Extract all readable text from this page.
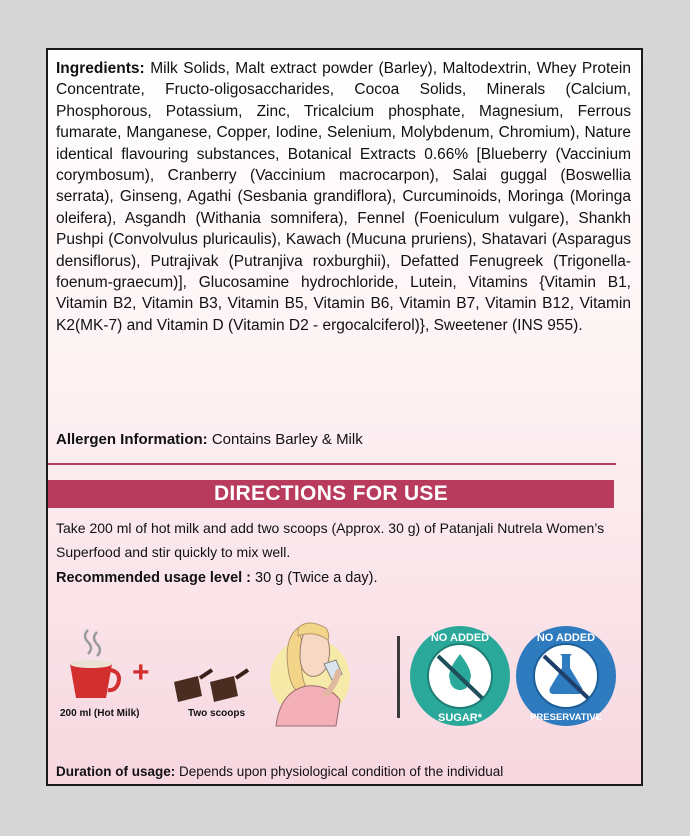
Ingredients: Milk Solids, Malt extract powder (Barley), Maltodextrin, Whey Protein Concentrate, Fructo-oligosaccharides, Cocoa Solids, Minerals (Calcium, Phosphorous, Potassium, Zinc, Tricalcium phosphate, Magnesium, Ferrous fumarate, Manganese, Copper, Iodine, Selenium, Molybdenum, Chromium), Nature identical flavouring substances, Botanical Extracts 0.66% [Blueberry (Vaccinium corymbosum), Cranberry (Vaccinium macrocarpon), Salai guggal (Boswellia serrata), Ginseng, Agathi (Sesbania grandiflora), Curcuminoids, Moringa (Moringa oleifera), Asgandh (Withania somnifera), Fennel (Foeniculum vulgare), Shankh Pushpi (Convolvulus pluricaulis), Kawach (Mucuna pruriens), Shatavari (Asparagus densiflorus), Putrajivak (Putranjiva roxburghii), Defatted Fenugreek (Trigonella-foenum-graecum)], Glucosamine hydrochloride, Lutein, Vitamins {Vitamin B1, Vitamin B2, Vitamin B3, Vitamin B5, Vitamin B6, Vitamin B7, Vitamin B12, Vitamin K2(MK-7) and Vitamin D (Vitamin D2 - ergocalciferol)}, Sweetener (INS 955).

Allergen Information: Contains Barley & Milk

DIRECTIONS FOR USE

Take 200 ml of hot milk and add two scoops (Approx. 30 g) of Patanjali Nutrela Women’s Superfood and stir quickly to mix well.

Recommended usage level : 30 g (Twice a day).

200 ml (Hot Milk)
+
Two scoops
NO ADDED
SUGAR*
NO ADDED
PRESERVATIVE

Duration of usage: Depends upon physiological condition of the individual
